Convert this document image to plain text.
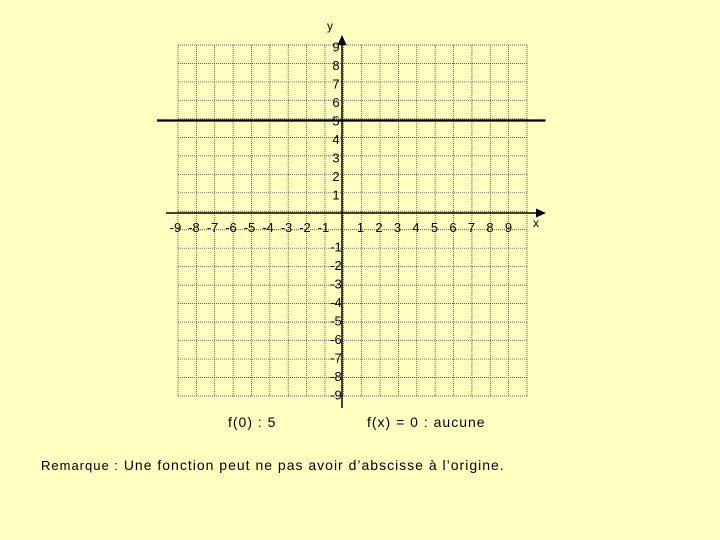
-9 -8 -7 -6 -5 -4 -3 -2 -1 1 2 3 4 5 6 7 8 9
9
8
7
6
5
4
3
2
1
-1
-2
-3
-4
-5
-6
-7
-8
-9
y
x
f(0) : 5	f(x) = 0 : aucune
Remarque : Une fonction peut ne pas avoir d’abscisse à l’origine.
